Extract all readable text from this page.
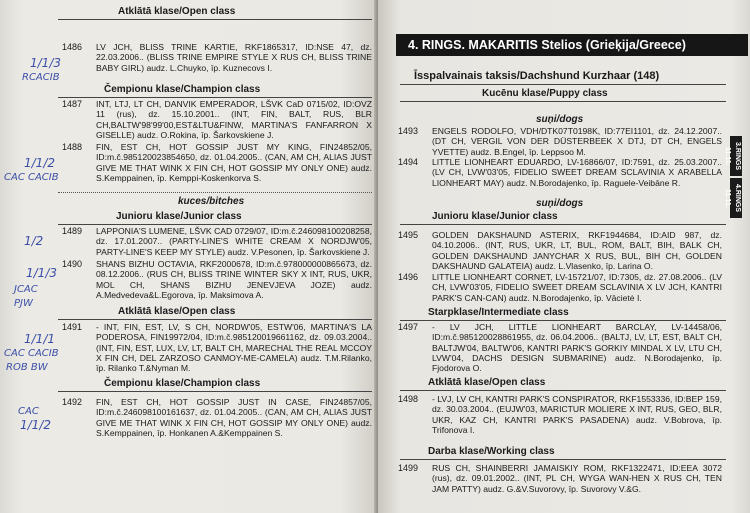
Atklātā klase/Open class
1486 LV JCH, BLISS TRINE KARTIE, RKF1865317, ID:NSE 47, dz. 22.03.2006.. (BLISS TRINE EMPIRE STYLE X RUS CH, BLISS TRINE BABY GIRL) audz. L.Chuyko, īp. Kuznecovs I.
Čempionu klase/Champion class
1487 INT, LTJ, LT CH, DANVIK EMPERADOR, LŠVK CaD 0715/02, ID:OVZ 11 (rus), dz. 15.10.2001.. (INT, FIN, BALT, RUS, BLR CH,BALTW'98'99'00,EST&LTU&FINW, MARTINA'S FANFARRON X GISELLE) audz. O.Rokina, īp. Šarkovskiene J.
1488 FIN, EST CH, HOT GOSSIP JUST MY KING, FIN24852/05, ID:m.č.985120023854650, dz. 01.04.2005.. (CAN, AM CH, ALIAS JUST GIVE ME THAT WINK X FIN CH, HOT GOSSIP MY ONLY ONE) audz. S.Kemppainen, īp. Kemppi-Koskenkorva S.
kuces/bitches
Junioru klase/Junior class
1489 LAPPONIA'S LUMENE, LŠVK CAD 0729/07, ID:m.č.246098100208258, dz. 17.01.2007.. (PARTY-LINE'S WHITE CREAM X NORDJW'05, PARTY-LINE'S KEEP MY STYLE) audz. V.Pesonen, īp. Šarkovskiene J.
1490 SHANS BIZHU OCTAVIA, RKF2000678, ID:m.č.978000000865673, dz. 08.12.2006.. (RUS CH, BLISS TRINE WINTER SKY X INT, RUS, UKR, MOL CH, SHANS BIZHU JENEVJEVA JOZE) audz. A.Medvedeva&L.Egorova, īp. Maksimova A.
Atklātā klase/Open class
1491 - INT, FIN, EST, LV, S CH, NORDW'05, ESTW'06, MARTINA'S LA PODEROSA, FIN19972/04, ID:m.č.985120019661162, dz. 09.03.2004.. (INT, FIN, EST, LUX, LV, LT, BALT CH, MARECHAL THE REAL MCCOY X FIN CH, DEL ZARZOSO CANMOY-ME-CAMELA) audz. T.M.Rilanko, īp. Rilanko T.&Nyman M.
Čempionu klase/Champion class
1492 FIN, EST CH, HOT GOSSIP JUST IN CASE, FIN24857/05, ID:m.č.246098100161637, dz. 01.04.2005.. (CAN, AM CH, ALIAS JUST GIVE ME THAT WINK X FIN CH, HOT GOSSIP MY ONLY ONE) audz. S.Kemppainen, īp. Honkanen A.&Kemppainen S.
1/1/3
RCACIB
1/1/2
CAC CACIB
1/2
1/1/3
JCAC
PJW
1/1/1
CAC CACIB
ROB BW
CAC
1/1/2
4. RINGS. MAKARITIS Stelios (Grieķija/Greece)
3.RINGS 11.11.
4.RINGS 11.11.
Īsspalvainais taksis/Dachshund Kurzhaar (148)
Kucēnu klase/Puppy class
suņi/dogs
1493 ENGELS RODOLFO, VDH/DTK07T0198K, ID:77EI1101, dz. 24.12.2007.. (DT CH, VERGIL VON DER DÜSTERBEEK X DTJ, DT CH, ENGELS YVETTE) audz. B.Engel, īp. Leppsoo M.
1494 LITTLE LIONHEART EDUARDO, LV-16866/07, ID:7591, dz. 25.03.2007.. (LV CH, LVW'03'05, FIDELIO SWEET DREAM SCLAVINIA X ARABELLA LIONHEART MAY) audz. N.Borodajenko, īp. Raguele-Veibāne R.
suņi/dogs
Junioru klase/Junior class
1495 GOLDEN DAKSHAUND ASTERIX, RKF1944684, ID:AID 987, dz. 04.10.2006.. (INT, RUS, UKR, LT, BUL, ROM, BALT, BIH, BALK CH, GOLDEN DAKSHAUND JANYCHAR X RUS, BUL, BIH CH, GOLDEN DAKSHAUND GALATEIA) audz. L.Vlasenko, īp. Larina O.
1496 LITTLE LIONHEART CORNET, LV-15721/07, ID:7305, dz. 27.08.2006.. (LV CH, LVW'03'05, FIDELIO SWEET DREAM SCLAVINIA X LV JCH, KANTRI PARK'S CAN-CAN) audz. N.Borodajenko, īp. Vācietė I.
Starpklase/Intermediate class
1497 - LV JCH, LITTLE LIONHEART BARCLAY, LV-14458/06, ID:m.č.985120028861955, dz. 06.04.2006.. (BALTJ, LV, LT, EST, BALT CH, BALTJW'04, BALTW'06, KANTRI PARK'S GORKIY MINDAL X LV, LTU CH, LVW'04, DACHS DESIGN SUBMARINE) audz. N.Borodajenko, īp. Fjodorova O.
Atklātā klase/Open class
1498 - LVJ, LV CH, KANTRI PARK'S CONSPIRATOR, RKF1553336, ID:BEP 159, dz. 30.03.2004.. (EUJW'03, MARICTUR MOLIERE X INT, RUS, GEO, BLR, UKR, KAZ CH, KANTRI PARK'S PASADENA) audz. V.Bobrova, īp. Trifonova I.
Darba klase/Working class
1499 RUS CH, SHAINBERRI JAMAISKIY ROM, RKF1322471, ID:EEA 3072 (rus), dz. 09.01.2002.. (INT, PL CH, WYGA WAN-HEN X RUS CH, TEN JAM PATTY) audz. G.&V.Suvorovy, īp. Suvorovy V.&G.
